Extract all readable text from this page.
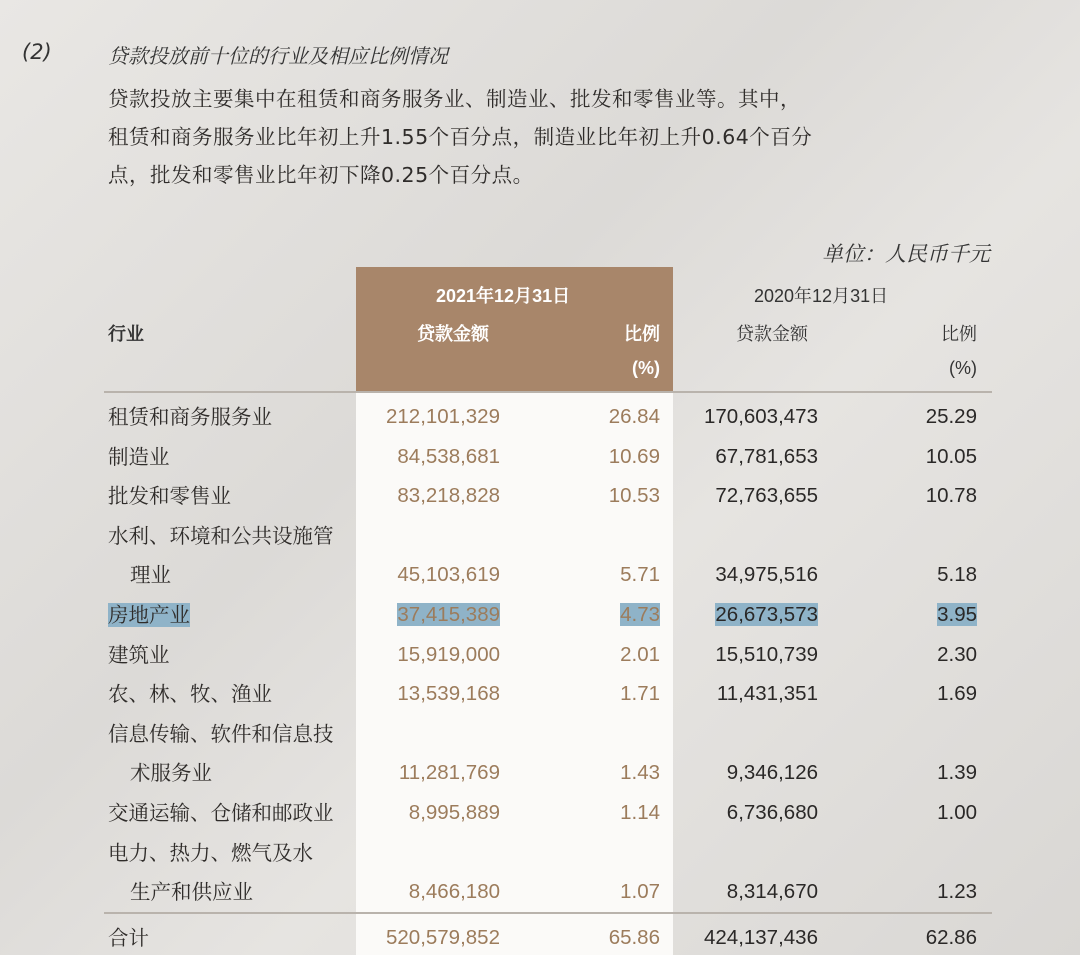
(2)	贷款投放前十位的行业及相应比例情况
贷款投放主要集中在租赁和商务服务业、制造业、批发和零售业等。其中，
租赁和商务服务业比年初上升1.55个百分点，制造业比年初上升0.64个百分
点，批发和零售业比年初下降0.25个百分点。
单位：人民币千元
行业
2021年12月31日
贷款金额	比例
(%)
2020年12月31日
贷款金额	比例
(%)
租赁和商务服务业	212,101,329	26.84 170,603,473	25.29
制造业	84,538,681	10.69	67,781,653	10.05
批发和零售业	83,218,828	10.53	72,763,655	10.78
水利、环境和公共设施管
理业	45,103,619	5.71	34,975,516	5.18
房地产业	37,415,389	4.73	26,673,573	3.95
建筑业	15,919,000	2.01	15,510,739	2.30
农、林、牧、渔业	13,539,168	1.71	11,431,351	1.69
信息传输、软件和信息技
术服务业	11,281,769	1.43	9,346,126	1.39
交通运输、仓储和邮政业	8,995,889	1.14	6,736,680	1.00
电力、热力、燃气及水
生产和供应业	8,466,180	1.07	8,314,670	1.23
合计	520,579,852	65.86 424,137,436	62.86
